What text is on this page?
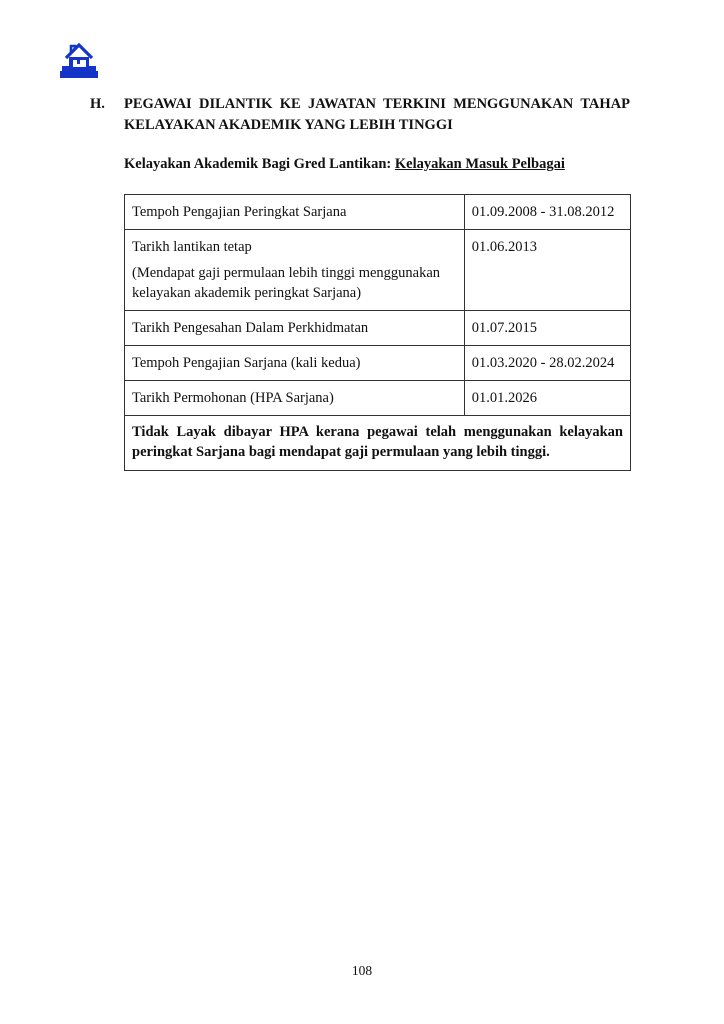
H. PEGAWAI DILANTIK KE JAWATAN TERKINI MENGGUNAKAN TAHAP
KELAYAKAN AKADEMIK YANG LEBIH TINGGI
Kelayakan Akademik Bagi Gred Lantikan: Kelayakan Masuk Pelbagai
Tempoh Pengajian Peringkat Sarjana	01.09.2008 - 31.08.2012

Tarikh lantikan tetap
(Mendapat gaji permulaan lebih tinggi menggunakan kelayakan akademik peringkat Sarjana)	01.06.2013
Tarikh Pengesahan Dalam Perkhidmatan	01.07.2015
Tempoh Pengajian Sarjana (kali kedua)	01.03.2020 - 28.02.2024
Tarikh Permohonan (HPA Sarjana)	01.01.2026
Tidak Layak dibayar HPA kerana pegawai telah menggunakan kelayakan peringkat Sarjana bagi mendapat gaji permulaan yang lebih tinggi.	
108
